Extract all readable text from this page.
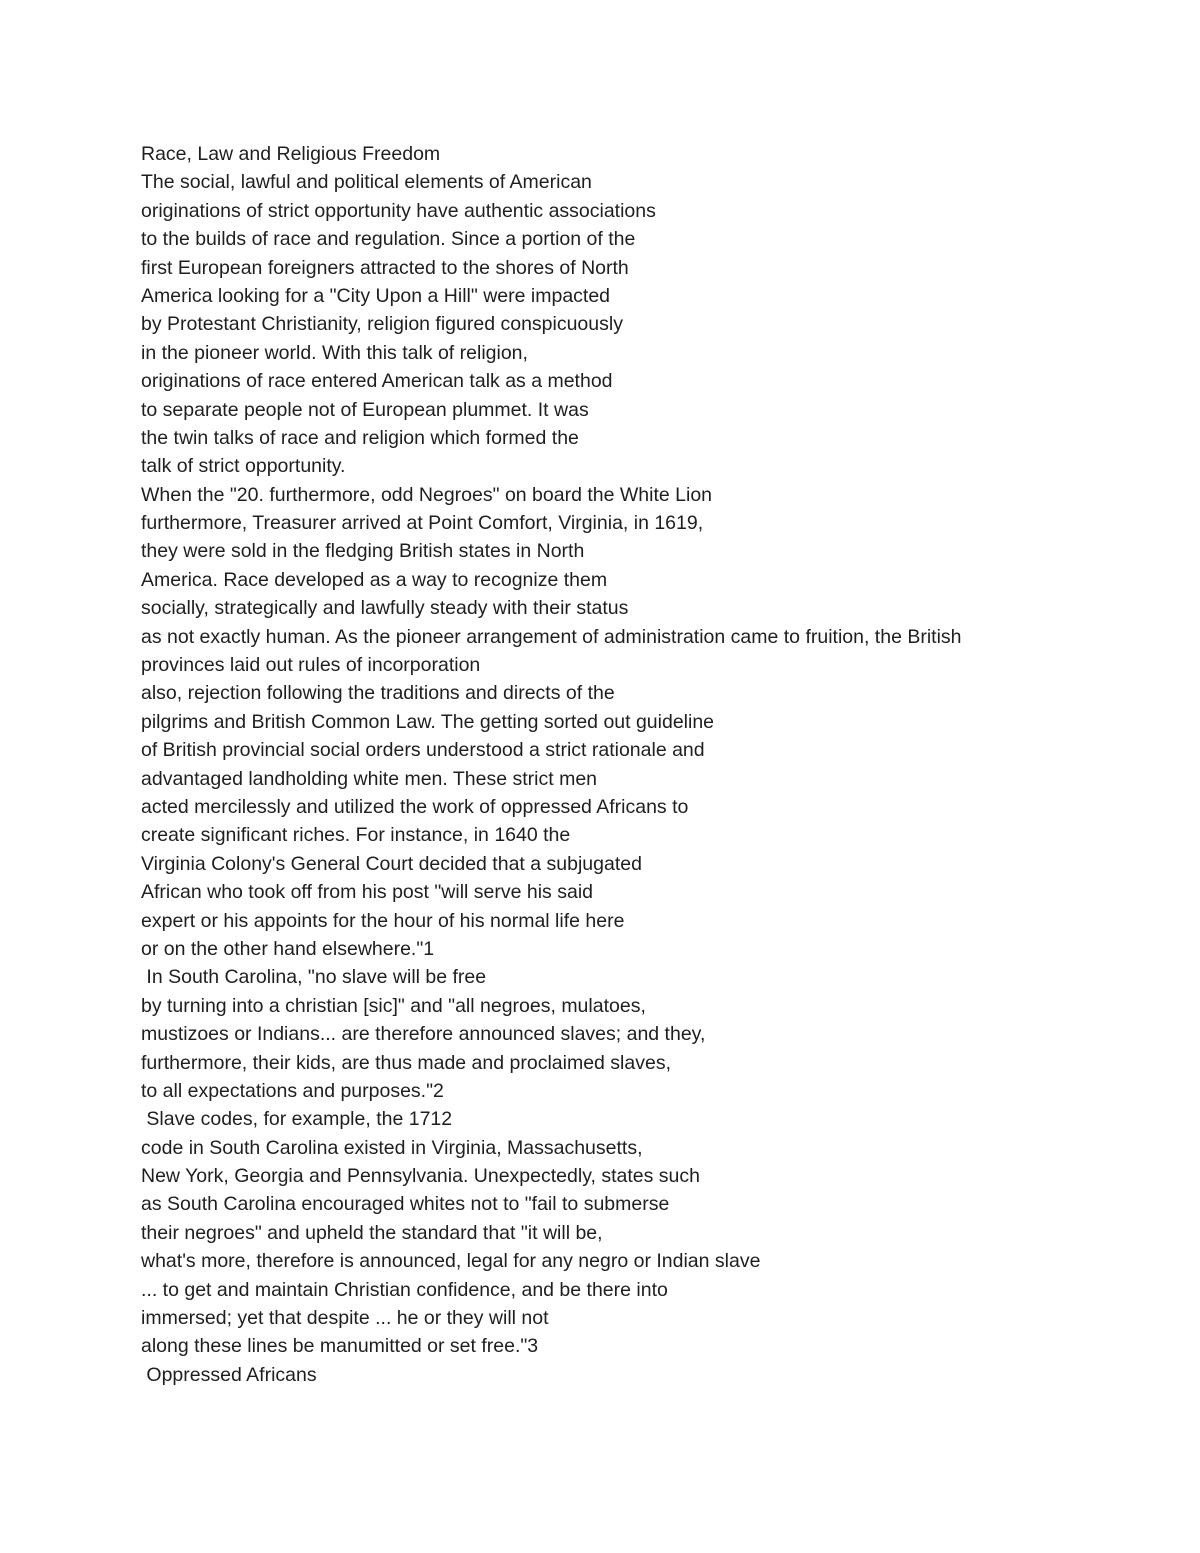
Race, Law and Religious Freedom
The social, lawful and political elements of American
originations of strict opportunity have authentic associations
to the builds of race and regulation. Since a portion of the
first European foreigners attracted to the shores of North
America looking for a "City Upon a Hill" were impacted
by Protestant Christianity, religion figured conspicuously
in the pioneer world. With this talk of religion,
originations of race entered American talk as a method
to separate people not of European plummet. It was
the twin talks of race and religion which formed the
talk of strict opportunity.
When the "20. furthermore, odd Negroes" on board the White Lion
furthermore, Treasurer arrived at Point Comfort, Virginia, in 1619,
they were sold in the fledging British states in North
America. Race developed as a way to recognize them
socially, strategically and lawfully steady with their status
as not exactly human. As the pioneer arrangement of administration came to fruition, the British
provinces laid out rules of incorporation
also, rejection following the traditions and directs of the
pilgrims and British Common Law. The getting sorted out guideline
of British provincial social orders understood a strict rationale and
advantaged landholding white men. These strict men
acted mercilessly and utilized the work of oppressed Africans to
create significant riches. For instance, in 1640 the
Virginia Colony's General Court decided that a subjugated
African who took off from his post "will serve his said
expert or his appoints for the hour of his normal life here
or on the other hand elsewhere."1
In South Carolina, "no slave will be free
by turning into a christian [sic]" and "all negroes, mulatoes,
mustizoes or Indians... are therefore announced slaves; and they,
furthermore, their kids, are thus made and proclaimed slaves,
to all expectations and purposes."2
Slave codes, for example, the 1712
code in South Carolina existed in Virginia, Massachusetts,
New York, Georgia and Pennsylvania. Unexpectedly, states such
as South Carolina encouraged whites not to "fail to submerse
their negroes" and upheld the standard that "it will be,
what's more, therefore is announced, legal for any negro or Indian slave
... to get and maintain Christian confidence, and be there into
immersed; yet that despite ... he or they will not
along these lines be manumitted or set free."3
Oppressed Africans
